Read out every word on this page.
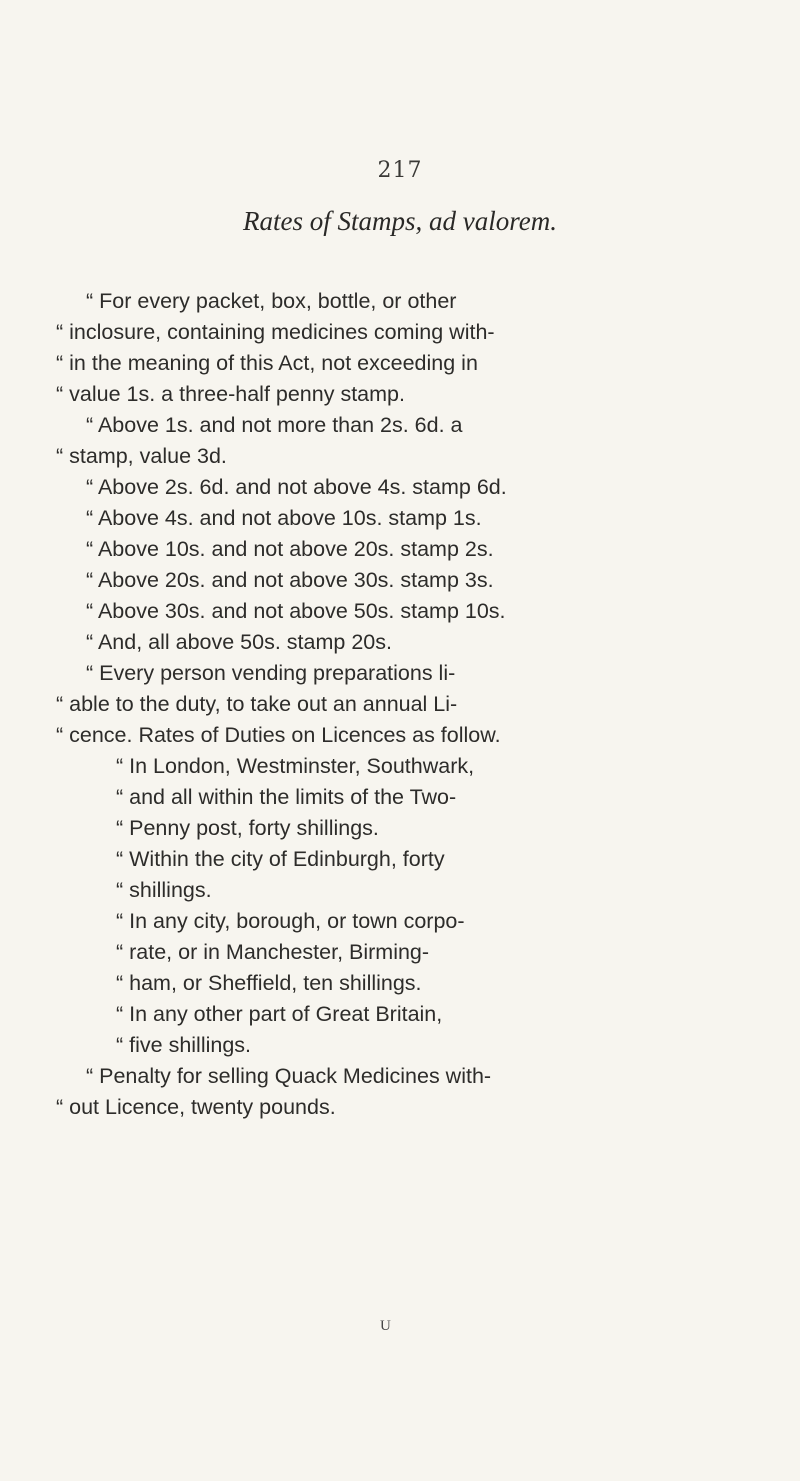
217
Rates of Stamps, ad valorem.
“ For every packet, box, bottle, or other
“ inclosure, containing medicines coming with-
“ in the meaning of this Act, not exceeding in
“ value 1s. a three-half penny stamp.
“ Above 1s. and not more than 2s. 6d. a
“ stamp, value 3d.
“ Above 2s. 6d. and not above 4s. stamp 6d.
“ Above 4s. and not above 10s. stamp 1s.
“ Above 10s. and not above 20s. stamp 2s.
“ Above 20s. and not above 30s. stamp 3s.
“ Above 30s. and not above 50s. stamp 10s.
“ And, all above 50s. stamp 20s.
“ Every person vending preparations li-
“ able to the duty, to take out an annual Li-
“ cence. Rates of Duties on Licences as follow.
“ In London, Westminster, Southwark,
“ and all within the limits of the Two-
“ Penny post, forty shillings.
“ Within the city of Edinburgh, forty
“ shillings.
“ In any city, borough, or town corpo-
“ rate, or in Manchester, Birming-
“ ham, or Sheffield, ten shillings.
“ In any other part of Great Britain,
“ five shillings.
“ Penalty for selling Quack Medicines with-
“ out Licence, twenty pounds.
U
